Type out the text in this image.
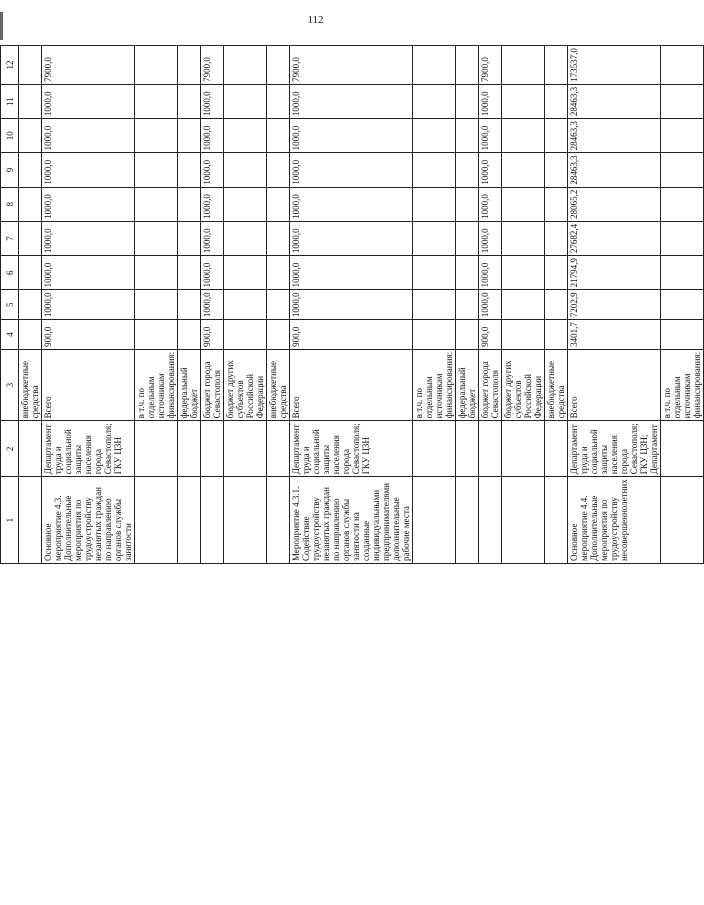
112
1	2	3	4	5	6	7	8	9	10	11	12
		внебюджетные средства									
Основное мероприятие 4.3. Дополнительные мероприятия по трудоустройству незанятых граждан по направлению органов службы занятости	Департамент труда и социальной защиты населения города Севастополя; ГКУ ЦЗН	Всего	900,0	1000,0	1000,0	1000,0	1000,0	1000,0	1000,0	1000,0	7900,0
		в т.ч. по отдельным источникам финансирования:									
		федеральный бюджет									
		бюджет города Севастополя	900,0	1000,0	1000,0	1000,0	1000,0	1000,0	1000,0	1000,0	7900,0
		бюджет других субъектов Российской Федерации									
		внебюджетные средства									
Мероприятие 4.3.1. Содействие трудоустройству незанятых граждан по направлению органов службы занятости на созданные индивидуальными предпринимателями дополнительные рабочие места	Департамент труда и социальной защиты населения города Севастополя; ГКУ ЦЗН	Всего	900,0	1000,0	1000,0	1000,0	1000,0	1000,0	1000,0	1000,0	7900,0
		в т.ч. по отдельным источникам финансирования:									
		федеральный бюджет									
		бюджет города Севастополя	900,0	1000,0	1000,0	1000,0	1000,0	1000,0	1000,0	1000,0	7900,0
		бюджет других субъектов Российской Федерации									
		внебюджетные средства									
Основное мероприятие 4.4. Дополнительные мероприятия по трудоустройству несовершеннолетних	Департамент труда и социальной защиты населения города Севастополя; ГКУ ЦЗН; Департамент	Всего	3401,7	7202,9	21794,9	27682,4	28065,2	28463,3	28463,3	28463,3	173537,0
		в т.ч. по отдельным источникам финансирования:									
